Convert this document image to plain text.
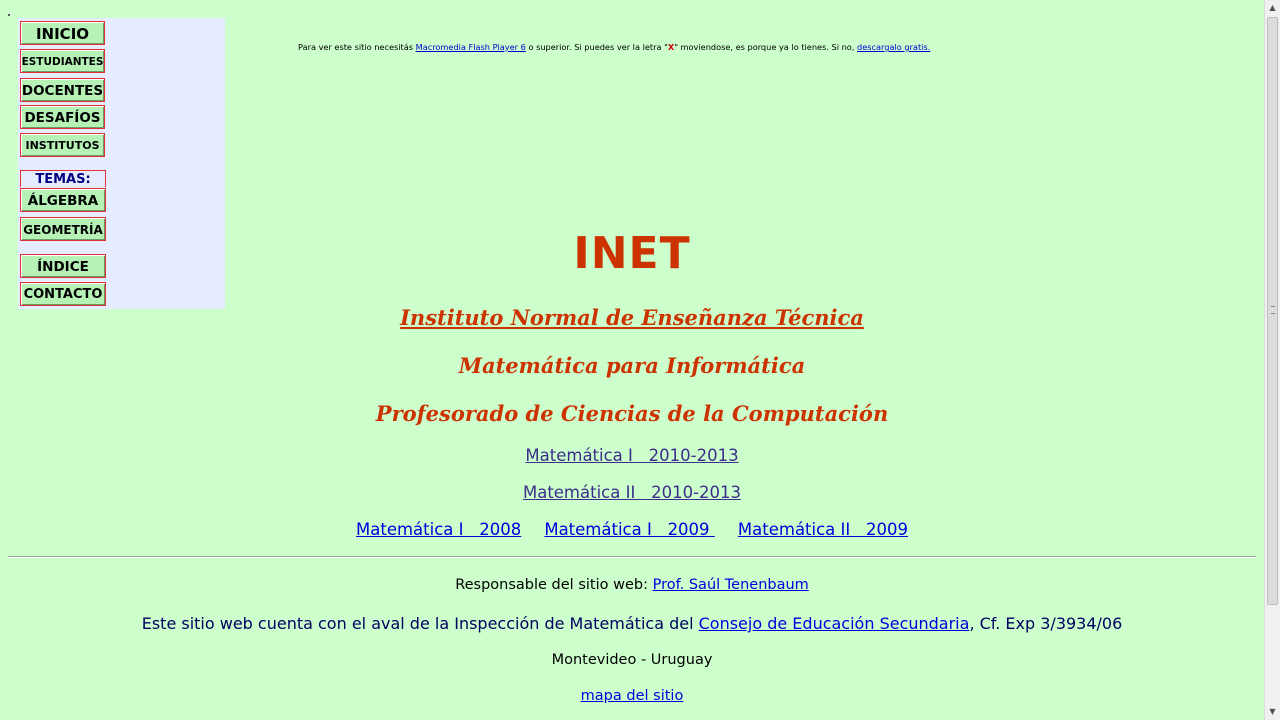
INICIO
ESTUDIANTES
DOCENTES
DESAFÍOS
INSTITUTOS
TEMAS:
ÁLGEBRA
GEOMETRÍA
ÍNDICE
CONTACTO
Para ver este sitio necesitás Macromedia Flash Player 6 o superior. Si puedes ver la letra "X" moviendose, es porque ya lo tienes. Si no, descargalo gratis.
INET
Instituto Normal de Enseñanza Técnica
Matemática para Informática
Profesorado de Ciencias de la Computación
Matemática I   2010-2013
Matemática II   2010-2013
Matemática I   2008 Matemática I   2009  Matemática II   2009
Responsable del sitio web: Prof. Saúl Tenenbaum
Este sitio web cuenta con el aval de la Inspección de Matemática del Consejo de Educación Secundaria, Cf. Exp 3/3934/06
Montevideo - Uruguay
mapa del sitio
▲
▼
